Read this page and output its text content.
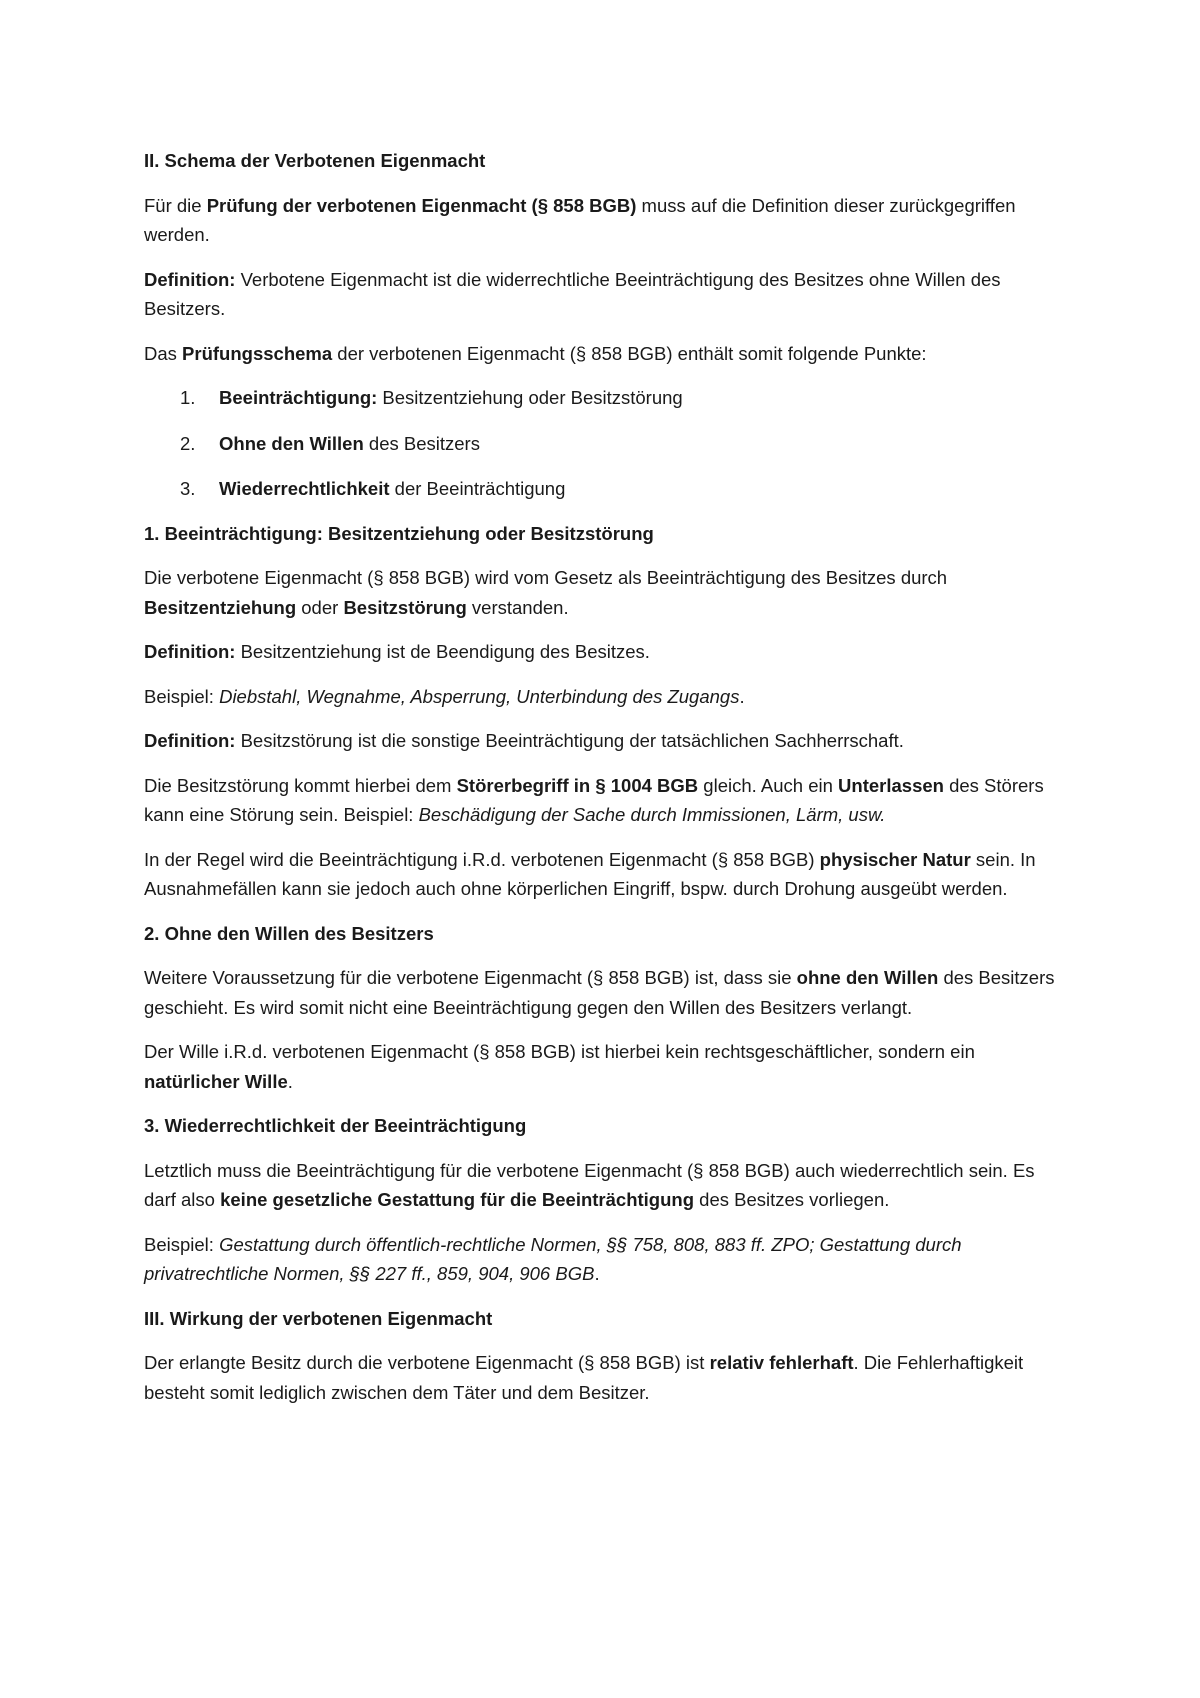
II. Schema der Verbotenen Eigenmacht

Für die Prüfung der verbotenen Eigenmacht (§ 858 BGB) muss auf die Definition dieser zurückgegriffen werden.

Definition: Verbotene Eigenmacht ist die widerrechtliche Beeinträchtigung des Besitzes ohne Willen des Besitzers.

Das Prüfungsschema der verbotenen Eigenmacht (§ 858 BGB) enthält somit folgende Punkte:

1. Beeinträchtigung: Besitzentziehung oder Besitzstörung
2. Ohne den Willen des Besitzers
3. Wiederrechtlichkeit der Beeinträchtigung

1. Beeinträchtigung: Besitzentziehung oder Besitzstörung

Die verbotene Eigenmacht (§ 858 BGB) wird vom Gesetz als Beeinträchtigung des Besitzes durch Besitzentziehung oder Besitzstörung verstanden.

Definition: Besitzentziehung ist de Beendigung des Besitzes.

Beispiel: Diebstahl, Wegnahme, Absperrung, Unterbindung des Zugangs.

Definition: Besitzstörung ist die sonstige Beeinträchtigung der tatsächlichen Sachherrschaft.

Die Besitzstörung kommt hierbei dem Störerbegriff in § 1004 BGB gleich. Auch ein Unterlassen des Störers kann eine Störung sein. Beispiel: Beschädigung der Sache durch Immissionen, Lärm, usw.

In der Regel wird die Beeinträchtigung i.R.d. verbotenen Eigenmacht (§ 858 BGB) physischer Natur sein. In Ausnahmefällen kann sie jedoch auch ohne körperlichen Eingriff, bspw. durch Drohung ausgeübt werden.

2. Ohne den Willen des Besitzers

Weitere Voraussetzung für die verbotene Eigenmacht (§ 858 BGB) ist, dass sie ohne den Willen des Besitzers geschieht. Es wird somit nicht eine Beeinträchtigung gegen den Willen des Besitzers verlangt.

Der Wille i.R.d. verbotenen Eigenmacht (§ 858 BGB) ist hierbei kein rechtsgeschäftlicher, sondern ein natürlicher Wille.

3. Wiederrechtlichkeit der Beeinträchtigung

Letztlich muss die Beeinträchtigung für die verbotene Eigenmacht (§ 858 BGB) auch wiederrechtlich sein. Es darf also keine gesetzliche Gestattung für die Beeinträchtigung des Besitzes vorliegen.

Beispiel: Gestattung durch öffentlich-rechtliche Normen, §§ 758, 808, 883 ff. ZPO; Gestattung durch privatrechtliche Normen, §§ 227 ff., 859, 904, 906 BGB.

III. Wirkung der verbotenen Eigenmacht

Der erlangte Besitz durch die verbotene Eigenmacht (§ 858 BGB) ist relativ fehlerhaft. Die Fehlerhaftigkeit besteht somit lediglich zwischen dem Täter und dem Besitzer.
